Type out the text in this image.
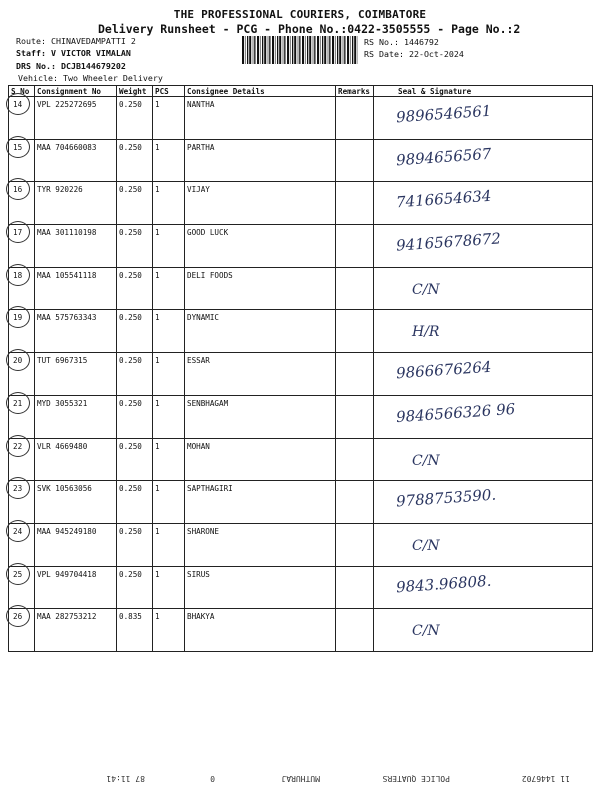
THE PROFESSIONAL COURIERS, COIMBATORE
Delivery Runsheet - PCG - Phone No.:0422-3505555 - Page No.:2
Route: CHINAVEDAMPATTI 2
Staff: V VICTOR VIMALAN
DRS No.: DCJB144679202
Vehicle: Two Wheeler Delivery
RS No.: 1446792
RS Date: 22-Oct-2024
S No	Consignment No	Weight	PCS	Consignee Details	Remarks	Seal & Signature
14	VPL 225272695	0.250	1	NANTHA		9896546561

15	MAA 704660083	0.250	1	PARTHA		9894656567

16	TYR 920226	0.250	1	VIJAY		7416654634

17	MAA 301110198	0.250	1	GOOD LUCK		94165678672

18	MAA 105541118	0.250	1	DELI FOODS		C/N

19	MAA 575763343	0.250	1	DYNAMIC		H/R

20	TUT 6967315	0.250	1	ESSAR		9866676264

21	MYD 3055321	0.250	1	SENBHAGAM		9846566326 96

22	VLR 4669480	0.250	1	MOHAN		C/N

23	SVK 10563056	0.250	1	SAPTHAGIRI		9788753590.

24	MAA 945249180	0.250	1	SHARONE		C/N

25	VPL 949704418	0.250	1	SIRUS		9843.96808.

26	MAA 282753212	0.835	1	BHAKYA		C/N
11 1446702
POLICE QUATERS
MUTHURAJ
0
87 11:41
